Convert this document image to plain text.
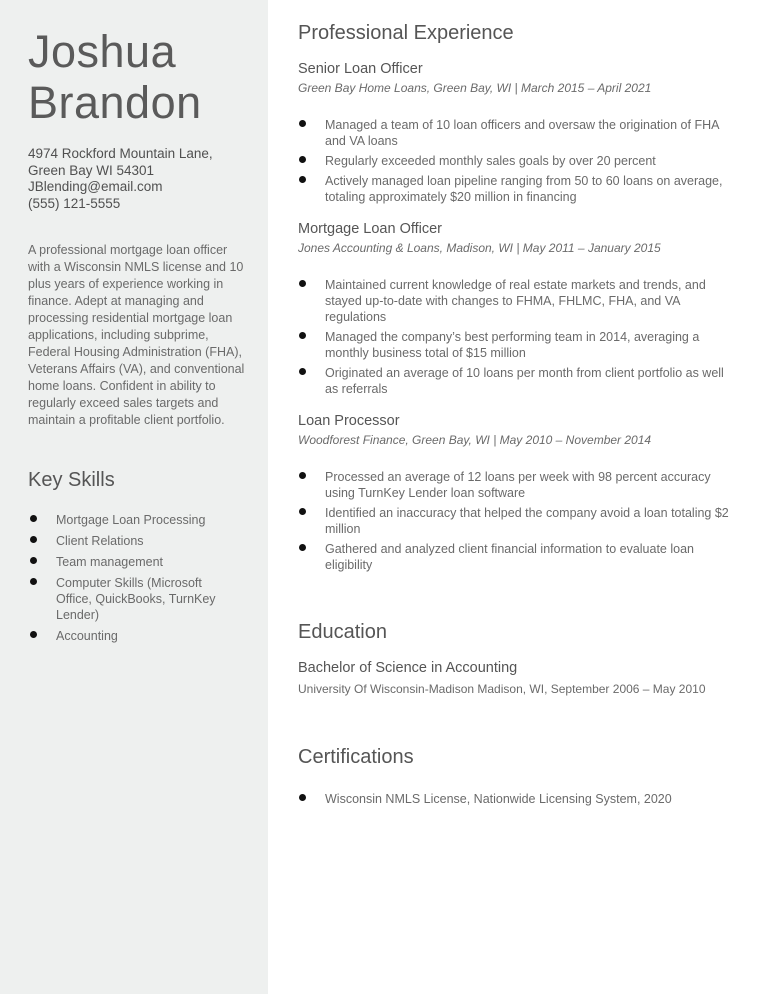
Joshua
Brandon
4974 Rockford Mountain Lane,
Green Bay WI 54301
JBlending@email.com
(555) 121-5555
A professional mortgage loan officer with a Wisconsin NMLS license and 10 plus years of experience working in finance. Adept at managing and processing residential mortgage loan applications, including subprime, Federal Housing Administration (FHA), Veterans Affairs (VA), and conventional home loans. Confident in ability to regularly exceed sales targets and maintain a profitable client portfolio.
Key Skills
Mortgage Loan Processing
Client Relations
Team management
Computer Skills (Microsoft Office, QuickBooks, TurnKey Lender)
Accounting
Professional Experience
Senior Loan Officer
Green Bay Home Loans, Green Bay, WI | March 2015 – April 2021
Managed a team of 10 loan officers and oversaw the origination of FHA and VA loans
Regularly exceeded monthly sales goals by over 20 percent
Actively managed loan pipeline ranging from 50 to 60 loans on average, totaling approximately $20 million in financing
Mortgage Loan Officer
Jones Accounting & Loans, Madison, WI | May 2011 – January 2015
Maintained current knowledge of real estate markets and trends, and stayed up-to-date with changes to FHMA, FHLMC, FHA, and VA regulations
Managed the company’s best performing team in 2014, averaging a monthly business total of $15 million
Originated an average of 10 loans per month from client portfolio as well as referrals
Loan Processor
Woodforest Finance, Green Bay, WI | May 2010 – November 2014
Processed an average of 12 loans per week with 98 percent accuracy using TurnKey Lender loan software
Identified an inaccuracy that helped the company avoid a loan totaling $2 million
Gathered and analyzed client financial information to evaluate loan eligibility
Education
Bachelor of Science in Accounting
University Of Wisconsin-Madison Madison, WI, September 2006 – May 2010
Certifications
Wisconsin NMLS License, Nationwide Licensing System, 2020
